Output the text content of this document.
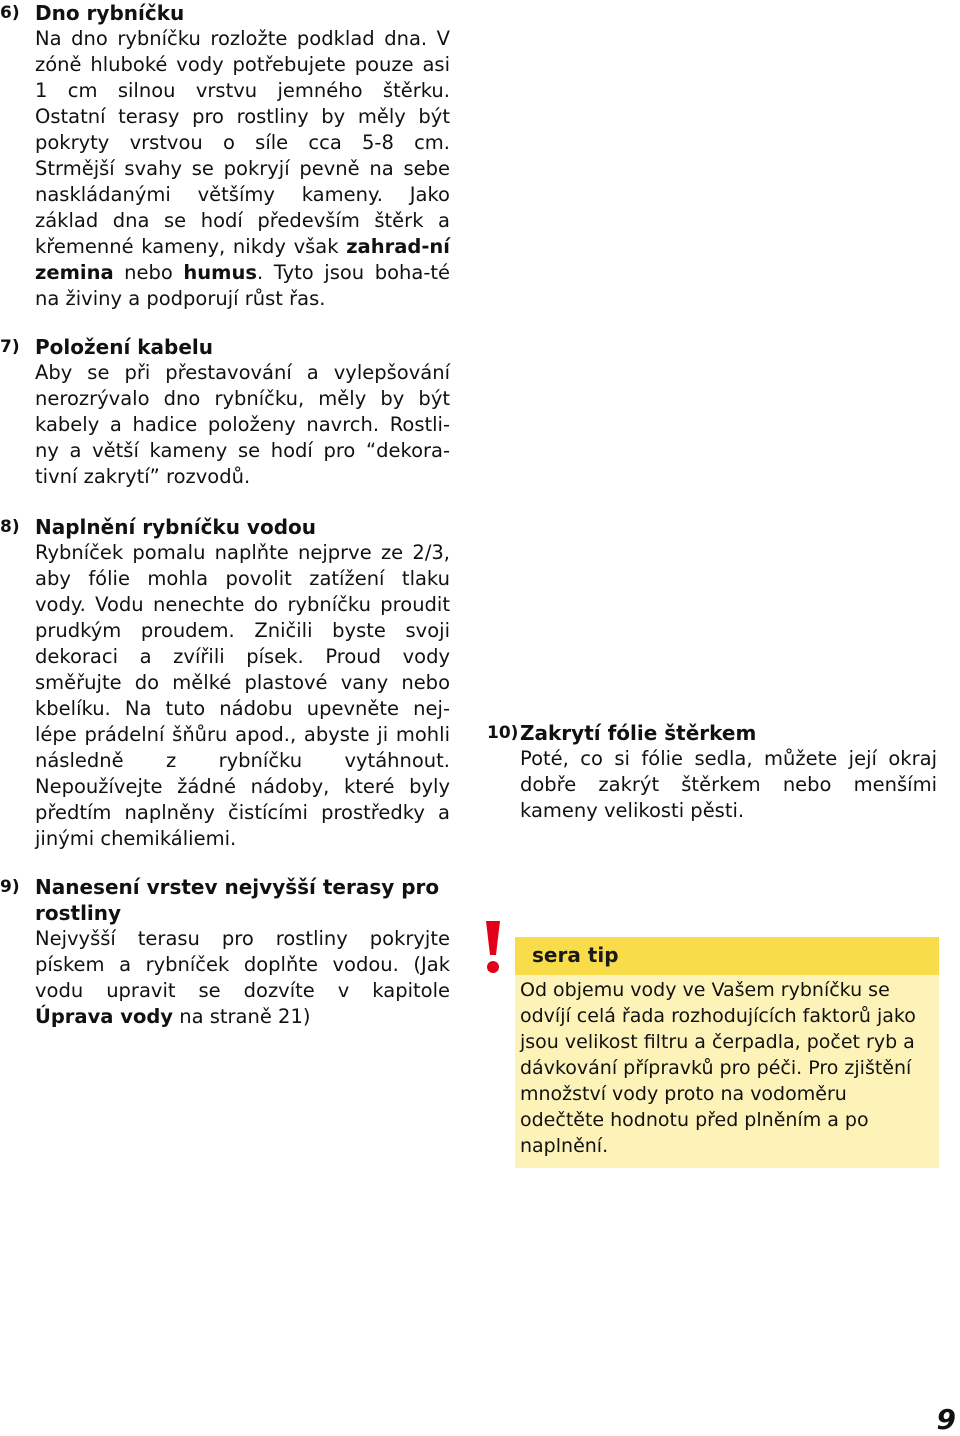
6) Dno rybníčku
Na dno rybníčku rozložte podklad dna. V zóně hluboké vody potřebujete pouze asi 1 cm silnou vrstvu jemného štěrku. Ostatní terasy pro rostliny by měly být pokryty vrstvou o síle cca 5-8 cm. Strmější svahy se pokryjí pevně na sebe naskládanými většímy kameny. Jako základ dna se hodí především štěrk a křemenné kameny, nikdy však zahrad-ní zemina nebo humus. Tyto jsou boha-té na živiny a podporují růst řas.
7) Položení kabelu
Aby se při přestavování a vylepšování nerozrývalo dno rybníčku, měly by být kabely a hadice položeny navrch. Rostli-ny a větší kameny se hodí pro “dekora-tivní zakrytí” rozvodů.
8) Naplnění rybníčku vodou
Rybníček pomalu naplňte nejprve ze 2/3, aby fólie mohla povolit zatížení tlaku vody. Vodu nenechte do rybníčku proudit prudkým proudem. Zničili byste svoji dekoraci a zvířili písek. Proud vody směřujte do mělké plastové vany nebo kbelíku. Na tuto nádobu upevněte nej-lépe prádelní šňůru apod., abyste ji mohli následně z rybníčku vytáhnout. Nepoužívejte žádné nádoby, které byly předtím naplněny čistícími prostředky a jinými chemikáliemi.
9) Nanesení vrstev nejvyšší terasy pro rostliny
Nejvyšší terasu pro rostliny pokryjte pískem a rybníček doplňte vodou. (Jak vodu upravit se dozvíte v kapitole Úprava vody na straně 21)
10) Zakrytí fólie štěrkem
Poté, co si fólie sedla, můžete její okraj dobře zakrýt štěrkem nebo menšími kameny velikosti pěsti.
sera tip
Od objemu vody ve Vašem rybníčku se odvíjí celá řada rozhodujících faktorů jako jsou velikost filtru a čerpadla, počet ryb a dávkování přípravků pro péči. Pro zjištění množství vody proto na vodoměru odečtěte hodnotu před plněním a po naplnění.
9
